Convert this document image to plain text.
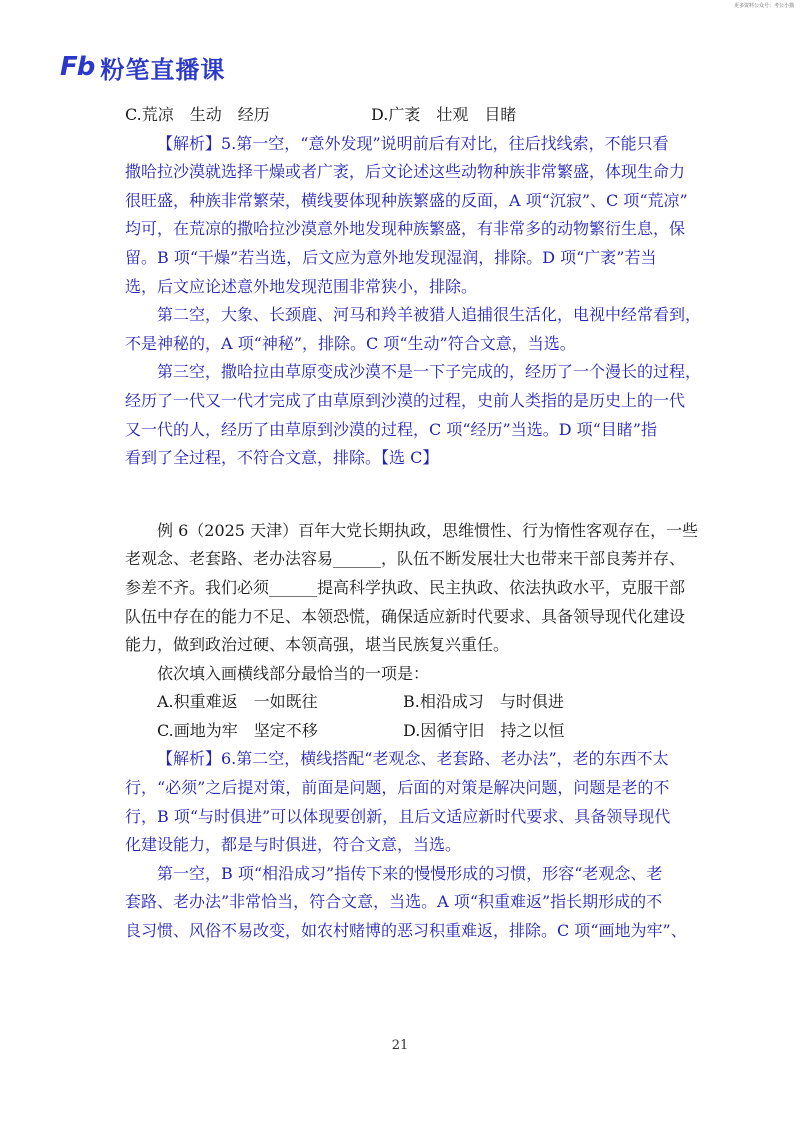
更多资料公众号：考公小猫
Fb 粉笔直播课
C.荒凉　生动　经历	D.广袤　壮观　目睹
【解析】5.第一空，“意外发现”说明前后有对比，往后找线索，不能只看
撒哈拉沙漠就选择干燥或者广袤，后文论述这些动物种族非常繁盛，体现生命力
很旺盛，种族非常繁荣，横线要体现种族繁盛的反面，A 项“沉寂”、C 项“荒凉”
均可，在荒凉的撒哈拉沙漠意外地发现种族繁盛，有非常多的动物繁衍生息，保
留。B 项“干燥”若当选，后文应为意外地发现湿润，排除。D 项“广袤”若当
选，后文应论述意外地发现范围非常狭小，排除。
第二空，大象、长颈鹿、河马和羚羊被猎人追捕很生活化，电视中经常看到，
不是神秘的，A 项“神秘”，排除。C 项“生动”符合文意，当选。
第三空，撒哈拉由草原变成沙漠不是一下子完成的，经历了一个漫长的过程，
经历了一代又一代才完成了由草原到沙漠的过程，史前人类指的是历史上的一代
又一代的人，经历了由草原到沙漠的过程，C 项“经历”当选。D 项“目睹”指
看到了全过程，不符合文意，排除。【选 C】
例 6（2025 天津）百年大党长期执政，思维惯性、行为惰性客观存在，一些
老观念、老套路、老办法容易______，队伍不断发展壮大也带来干部良莠并存、
参差不齐。我们必须______提高科学执政、民主执政、依法执政水平，克服干部
队伍中存在的能力不足、本领恐慌，确保适应新时代要求、具备领导现代化建设
能力，做到政治过硬、本领高强，堪当民族复兴重任。
依次填入画横线部分最恰当的一项是：
A.积重难返　一如既往	B.相沿成习　与时俱进
C.画地为牢　坚定不移	D.因循守旧　持之以恒
【解析】6.第二空，横线搭配“老观念、老套路、老办法”，老的东西不太
行，“必须”之后提对策，前面是问题，后面的对策是解决问题，问题是老的不
行，B 项“与时俱进”可以体现要创新，且后文适应新时代要求、具备领导现代
化建设能力，都是与时俱进，符合文意，当选。
第一空，B 项“相沿成习”指传下来的慢慢形成的习惯，形容“老观念、老
套路、老办法”非常恰当，符合文意，当选。A 项“积重难返”指长期形成的不
良习惯、风俗不易改变，如农村赌博的恶习积重难返，排除。C 项“画地为牢”、
21
